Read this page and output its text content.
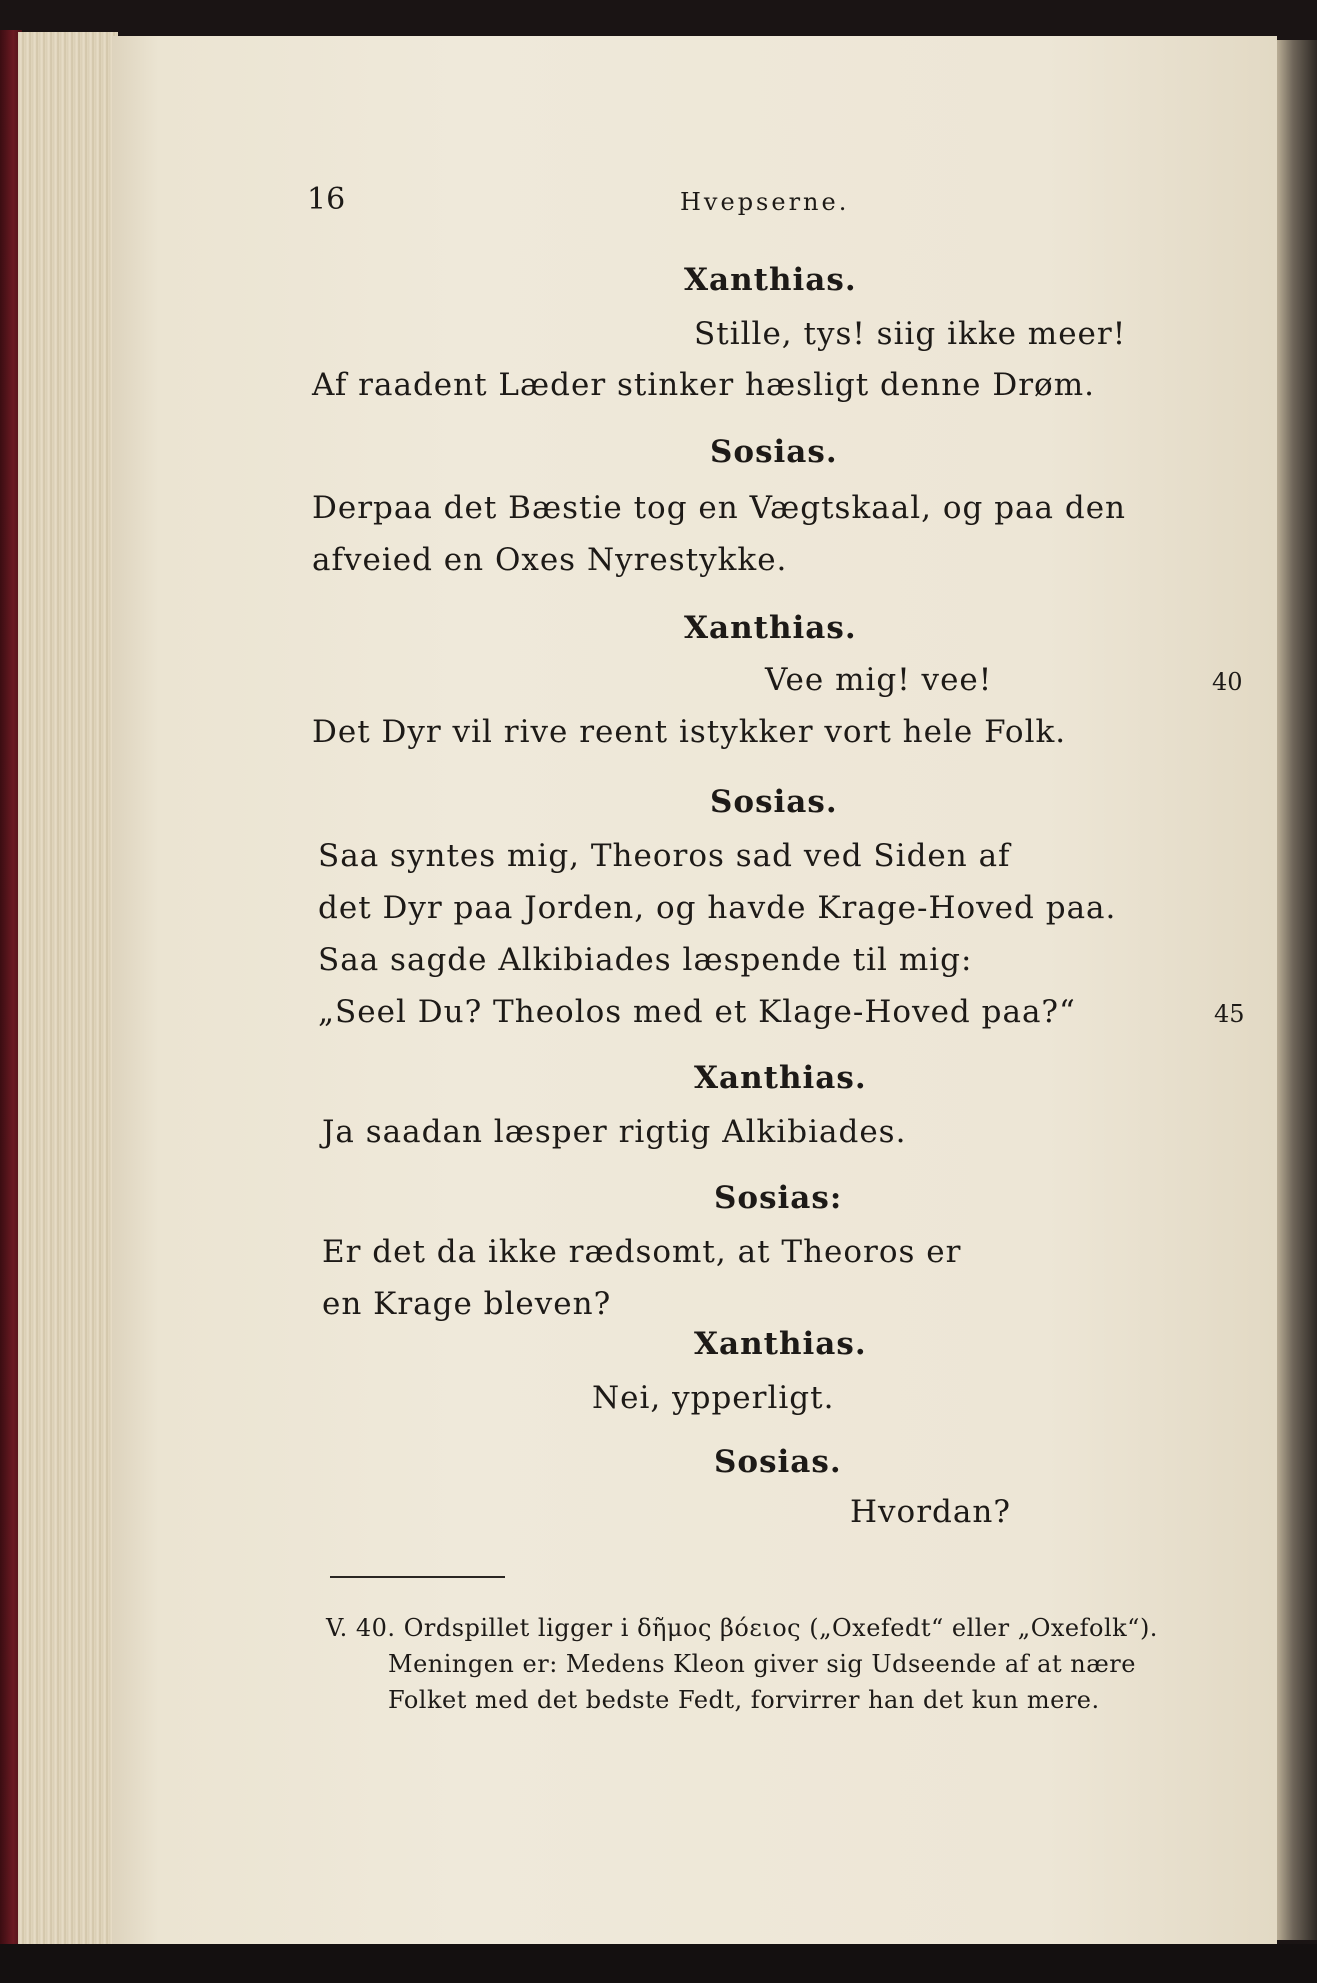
16	Hvepserne.
Xanthias.
Stille, tys! siig ikke meer!
Af raadent Læder stinker hæsligt denne Drøm.
Sosias.
Derpaa det Bæstie tog en Vægtskaal, og paa den
afveied en Oxes Nyrestykke.
Xanthias.
Vee mig! vee!	40
Det Dyr vil rive reent istykker vort hele Folk.
Sosias.
Saa syntes mig, Theoros sad ved Siden af
det Dyr paa Jorden, og havde Krage-Hoved paa.
Saa sagde Alkibiades læspende til mig:
„Seel Du? Theolos med et Klage-Hoved paa?“	45
Xanthias.
Ja saadan læsper rigtig Alkibiades.
Sosias:
Er det da ikke rædsomt, at Theoros er
en Krage bleven?
Xanthias.
Nei, ypperligt.
Sosias.
Hvordan?
V. 40. Ordspillet ligger i δῆμος βόειος („Oxefedt“ eller „Oxefolk“).
Meningen er: Medens Kleon giver sig Udseende af at nære
Folket med det bedste Fedt, forvirrer han det kun mere.
